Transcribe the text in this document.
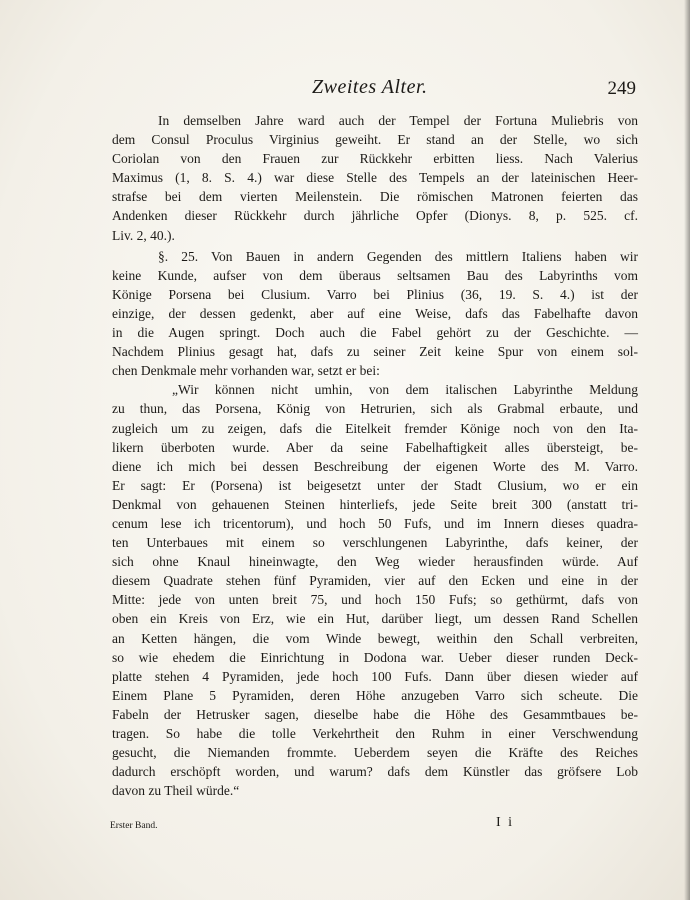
Zweites Alter.	249
In demselben Jahre ward auch der Tempel der Fortuna Muliebris von
dem Consul Proculus Virginius geweiht. Er stand an der Stelle, wo sich
Coriolan von den Frauen zur Rückkehr erbitten liess. Nach Valerius
Maximus (1, 8. S. 4.) war diese Stelle des Tempels an der lateinischen Heer-
strafse bei dem vierten Meilenstein. Die römischen Matronen feierten das
Andenken dieser Rückkehr durch jährliche Opfer (Dionys. 8, p. 525. cf.
Liv. 2, 40.).
§. 25. Von Bauen in andern Gegenden des mittlern Italiens haben wir
keine Kunde, aufser von dem überaus seltsamen Bau des Labyrinths vom
Könige Porsena bei Clusium. Varro bei Plinius (36, 19. S. 4.) ist der
einzige, der dessen gedenkt, aber auf eine Weise, dafs das Fabelhafte davon
in die Augen springt. Doch auch die Fabel gehört zu der Geschichte. —
Nachdem Plinius gesagt hat, dafs zu seiner Zeit keine Spur von einem sol-
chen Denkmale mehr vorhanden war, setzt er bei:
„Wir können nicht umhin, von dem italischen Labyrinthe Meldung
zu thun, das Porsena, König von Hetrurien, sich als Grabmal erbaute, und
zugleich um zu zeigen, dafs die Eitelkeit fremder Könige noch von den Ita-
likern überboten wurde. Aber da seine Fabelhaftigkeit alles übersteigt, be-
diene ich mich bei dessen Beschreibung der eigenen Worte des M. Varro.
Er sagt: Er (Porsena) ist beigesetzt unter der Stadt Clusium, wo er ein
Denkmal von gehauenen Steinen hinterliefs, jede Seite breit 300 (anstatt tri-
cenum lese ich tricentorum), und hoch 50 Fufs, und im Innern dieses quadra-
ten Unterbaues mit einem so verschlungenen Labyrinthe, dafs keiner, der
sich ohne Knaul hineinwagte, den Weg wieder herausfinden würde. Auf
diesem Quadrate stehen fünf Pyramiden, vier auf den Ecken und eine in der
Mitte: jede von unten breit 75, und hoch 150 Fufs; so gethürmt, dafs von
oben ein Kreis von Erz, wie ein Hut, darüber liegt, um dessen Rand Schellen
an Ketten hängen, die vom Winde bewegt, weithin den Schall verbreiten,
so wie ehedem die Einrichtung in Dodona war. Ueber dieser runden Deck-
platte stehen 4 Pyramiden, jede hoch 100 Fufs. Dann über diesen wieder auf
Einem Plane 5 Pyramiden, deren Höhe anzugeben Varro sich scheute. Die
Fabeln der Hetrusker sagen, dieselbe habe die Höhe des Gesammtbaues be-
tragen. So habe die tolle Verkehrtheit den Ruhm in einer Verschwendung
gesucht, die Niemanden frommte. Ueberdem seyen die Kräfte des Reiches
dadurch erschöpft worden, und warum? dafs dem Künstler das gröfsere Lob
davon zu Theil würde.“
Erster Band.	I i
